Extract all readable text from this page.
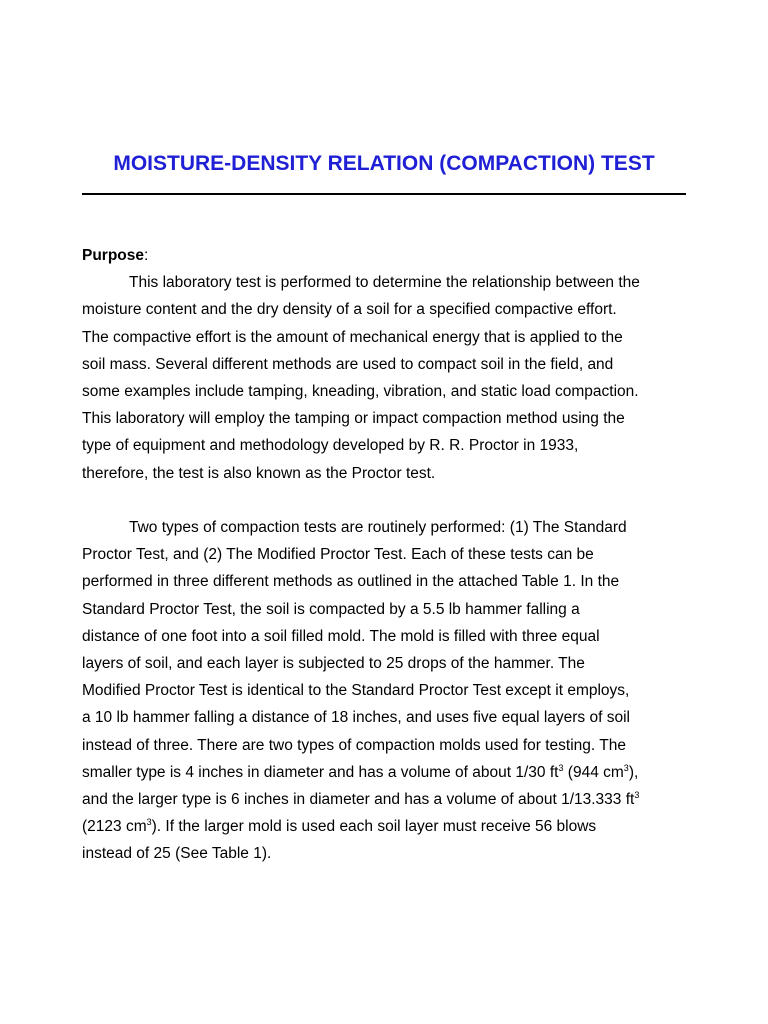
MOISTURE-DENSITY RELATION (COMPACTION) TEST
Purpose:
This laboratory test is performed to determine the relationship between the
moisture content and the dry density of a soil for a specified compactive effort.
The compactive effort is the amount of mechanical energy that is applied to the
soil mass. Several different methods are used to compact soil in the field, and
some examples include tamping, kneading, vibration, and static load compaction.
This laboratory will employ the tamping or impact compaction method using the
type of equipment and methodology developed by R. R. Proctor in 1933,
therefore, the test is also known as the Proctor test.
Two types of compaction tests are routinely performed: (1) The Standard
Proctor Test, and (2) The Modified Proctor Test. Each of these tests can be
performed in three different methods as outlined in the attached Table 1. In the
Standard Proctor Test, the soil is compacted by a 5.5 lb hammer falling a
distance of one foot into a soil filled mold. The mold is filled with three equal
layers of soil, and each layer is subjected to 25 drops of the hammer. The
Modified Proctor Test is identical to the Standard Proctor Test except it employs,
a 10 lb hammer falling a distance of 18 inches, and uses five equal layers of soil
instead of three. There are two types of compaction molds used for testing. The
smaller type is 4 inches in diameter and has a volume of about 1/30 $ft^3$ (944 $cm^3$),
and the larger type is 6 inches in diameter and has a volume of about 1/13.333 $ft^3$
(2123 $cm^3$). If the larger mold is used each soil layer must receive 56 blows
instead of 25 (See Table 1).
